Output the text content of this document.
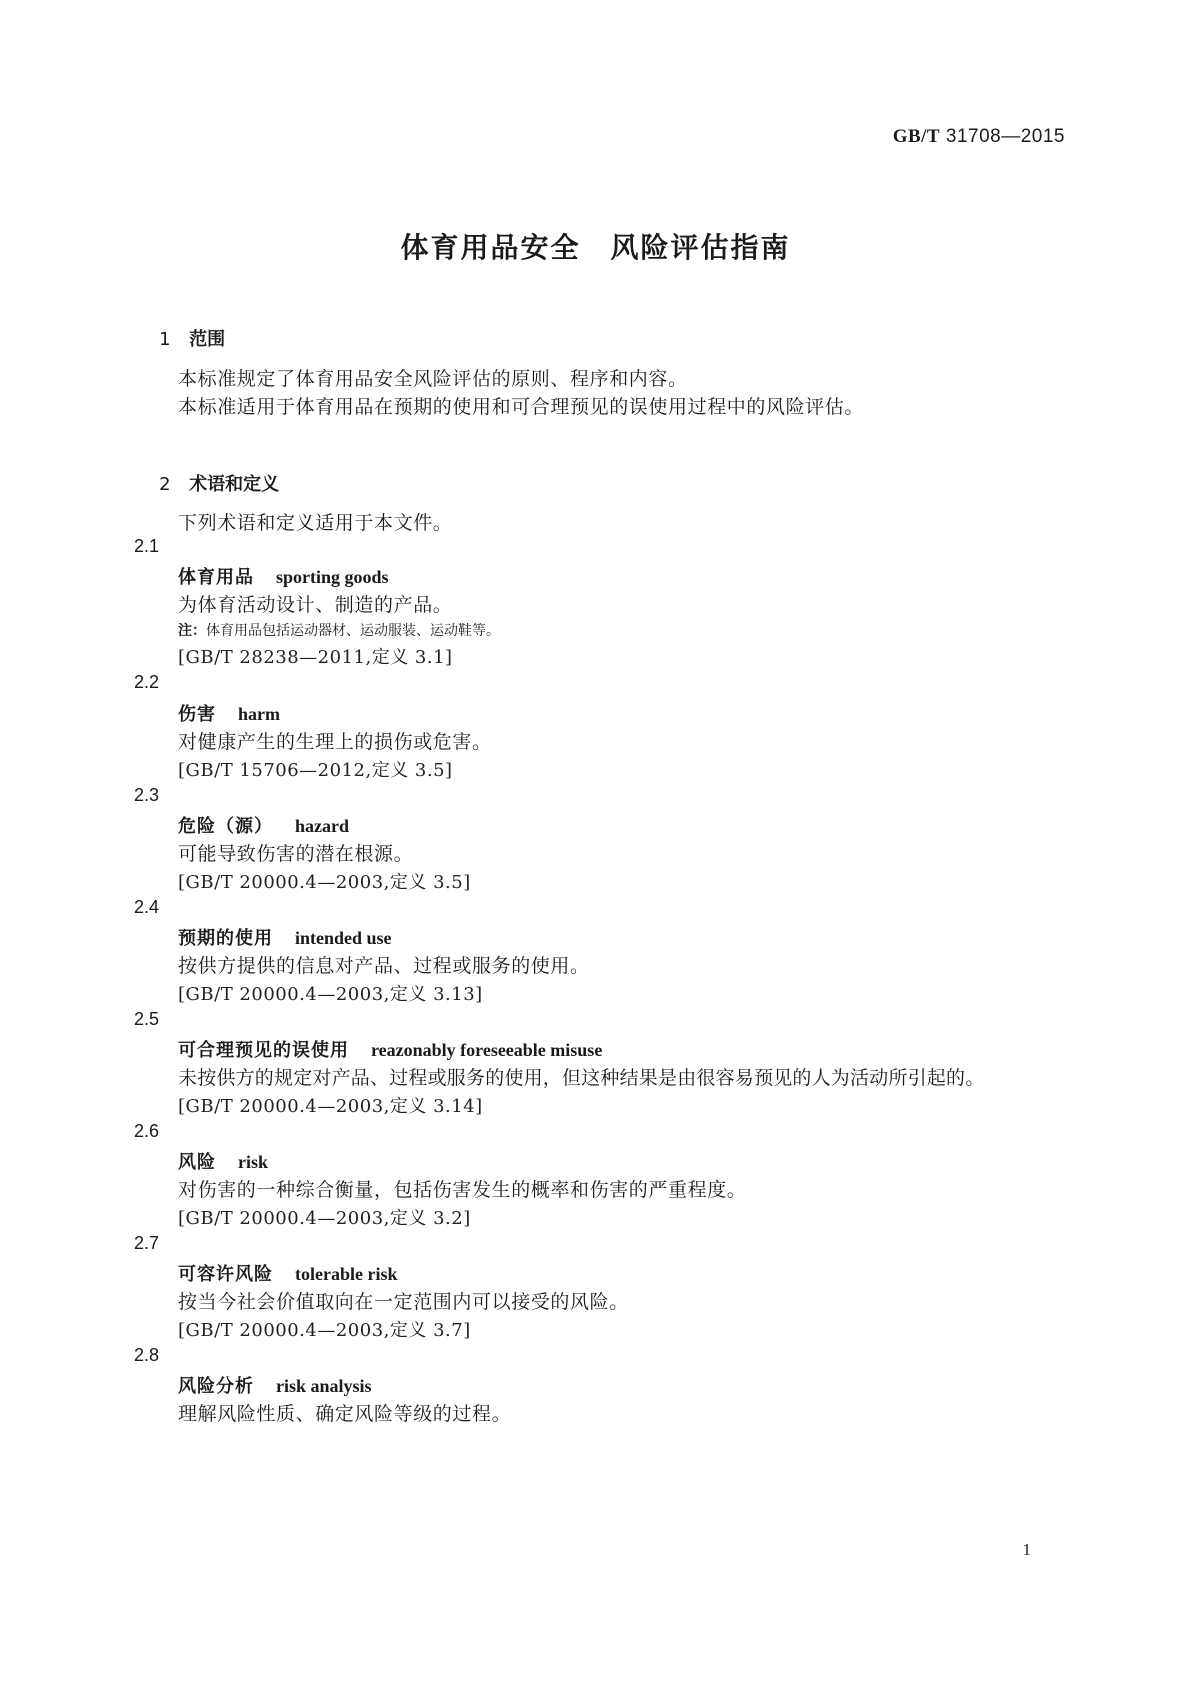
GB/T 31708—2015
体育用品安全　风险评估指南

1 范围

本标准规定了体育用品安全风险评估的原则、程序和内容。
本标准适用于体育用品在预期的使用和可合理预见的误使用过程中的风险评估。

2 术语和定义

下列术语和定义适用于本文件。
2.1
体育用品 sporting goods
为体育活动设计、制造的产品。
注：体育用品包括运动器材、运动服装、运动鞋等。
[GB/T 28238—2011,定义 3.1]
2.2
伤害 harm
对健康产生的生理上的损伤或危害。
[GB/T 15706—2012,定义 3.5]
2.3
危险（源） hazard
可能导致伤害的潜在根源。
[GB/T 20000.4—2003,定义 3.5]
2.4
预期的使用 intended use
按供方提供的信息对产品、过程或服务的使用。
[GB/T 20000.4—2003,定义 3.13]
2.5
可合理预见的误使用 reazonably foreseeable misuse
未按供方的规定对产品、过程或服务的使用，但这种结果是由很容易预见的人为活动所引起的。
[GB/T 20000.4—2003,定义 3.14]
2.6
风险 risk
对伤害的一种综合衡量，包括伤害发生的概率和伤害的严重程度。
[GB/T 20000.4—2003,定义 3.2]
2.7
可容许风险 tolerable risk
按当今社会价值取向在一定范围内可以接受的风险。
[GB/T 20000.4—2003,定义 3.7]
2.8
风险分析 risk analysis
理解风险性质、确定风险等级的过程。
1
